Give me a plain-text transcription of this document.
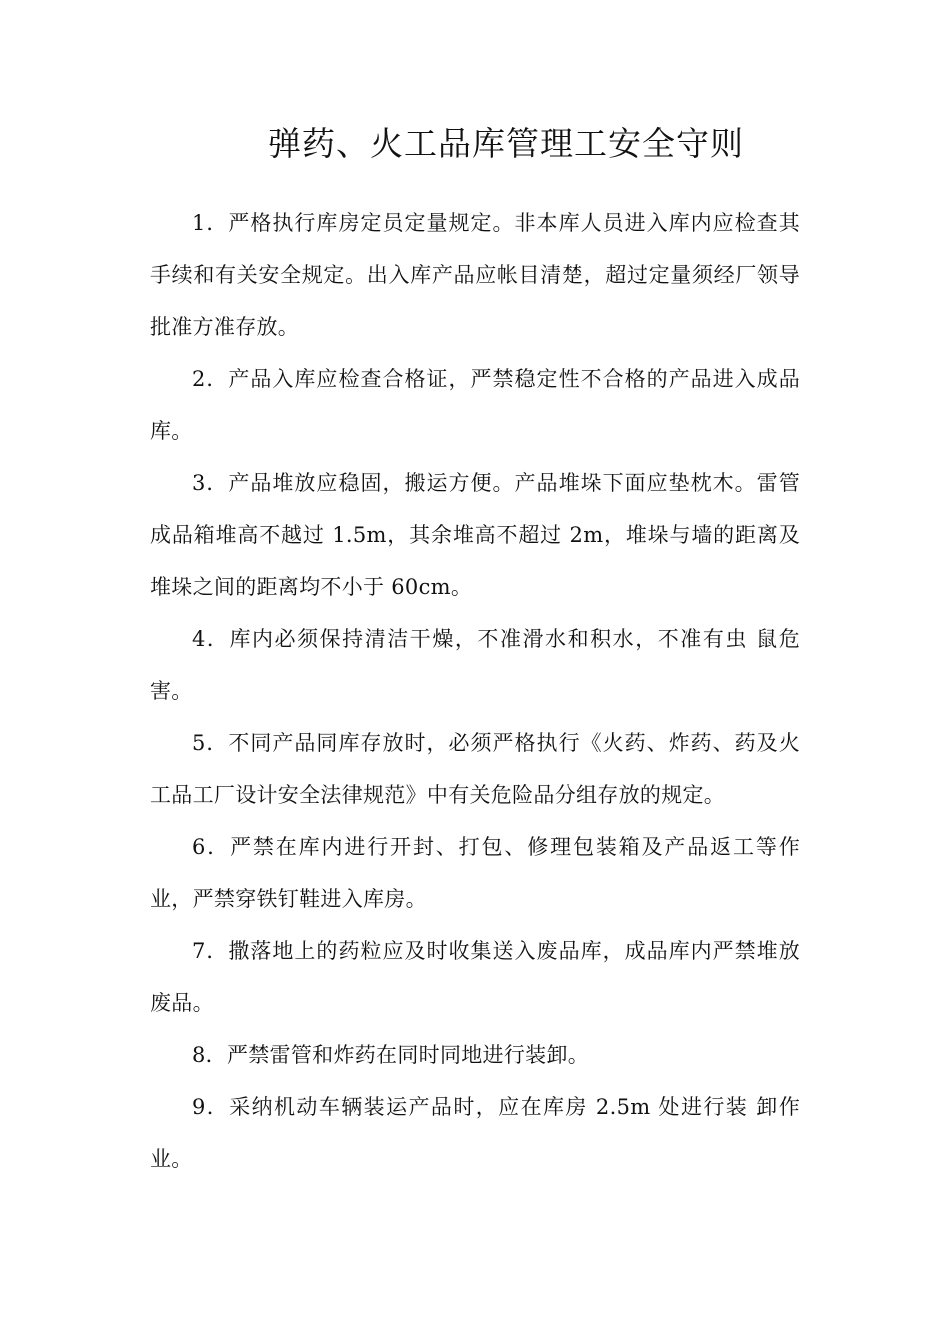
弹药、火工品库管理工安全守则

1．严格执行库房定员定量规定。非本库人员进入库内应检查其手续和有关安全规定。出入库产品应帐目清楚，超过定量须经厂领导批准方准存放。

2．产品入库应检查合格证，严禁稳定性不合格的产品进入成品库。

3．产品堆放应稳固，搬运方便。产品堆垛下面应垫枕木。雷管成品箱堆高不越过 1.5m，其余堆高不超过 2m，堆垛与墙的距离及堆垛之间的距离均不小于 60cm。

4．库内必须保持清洁干燥，不准滑水和积水，不准有虫 鼠危害。

5．不同产品同库存放时，必须严格执行《火药、炸药、药及火工品工厂设计安全法律规范》中有关危险品分组存放的规定。

6．严禁在库内进行开封、打包、修理包装箱及产品返工等作业，严禁穿铁钉鞋进入库房。

7．撒落地上的药粒应及时收集送入废品库，成品库内严禁堆放废品。

8．严禁雷管和炸药在同时同地进行装卸。

9．采纳机动车辆装运产品时，应在库房 2.5m 处进行装 卸作业。
